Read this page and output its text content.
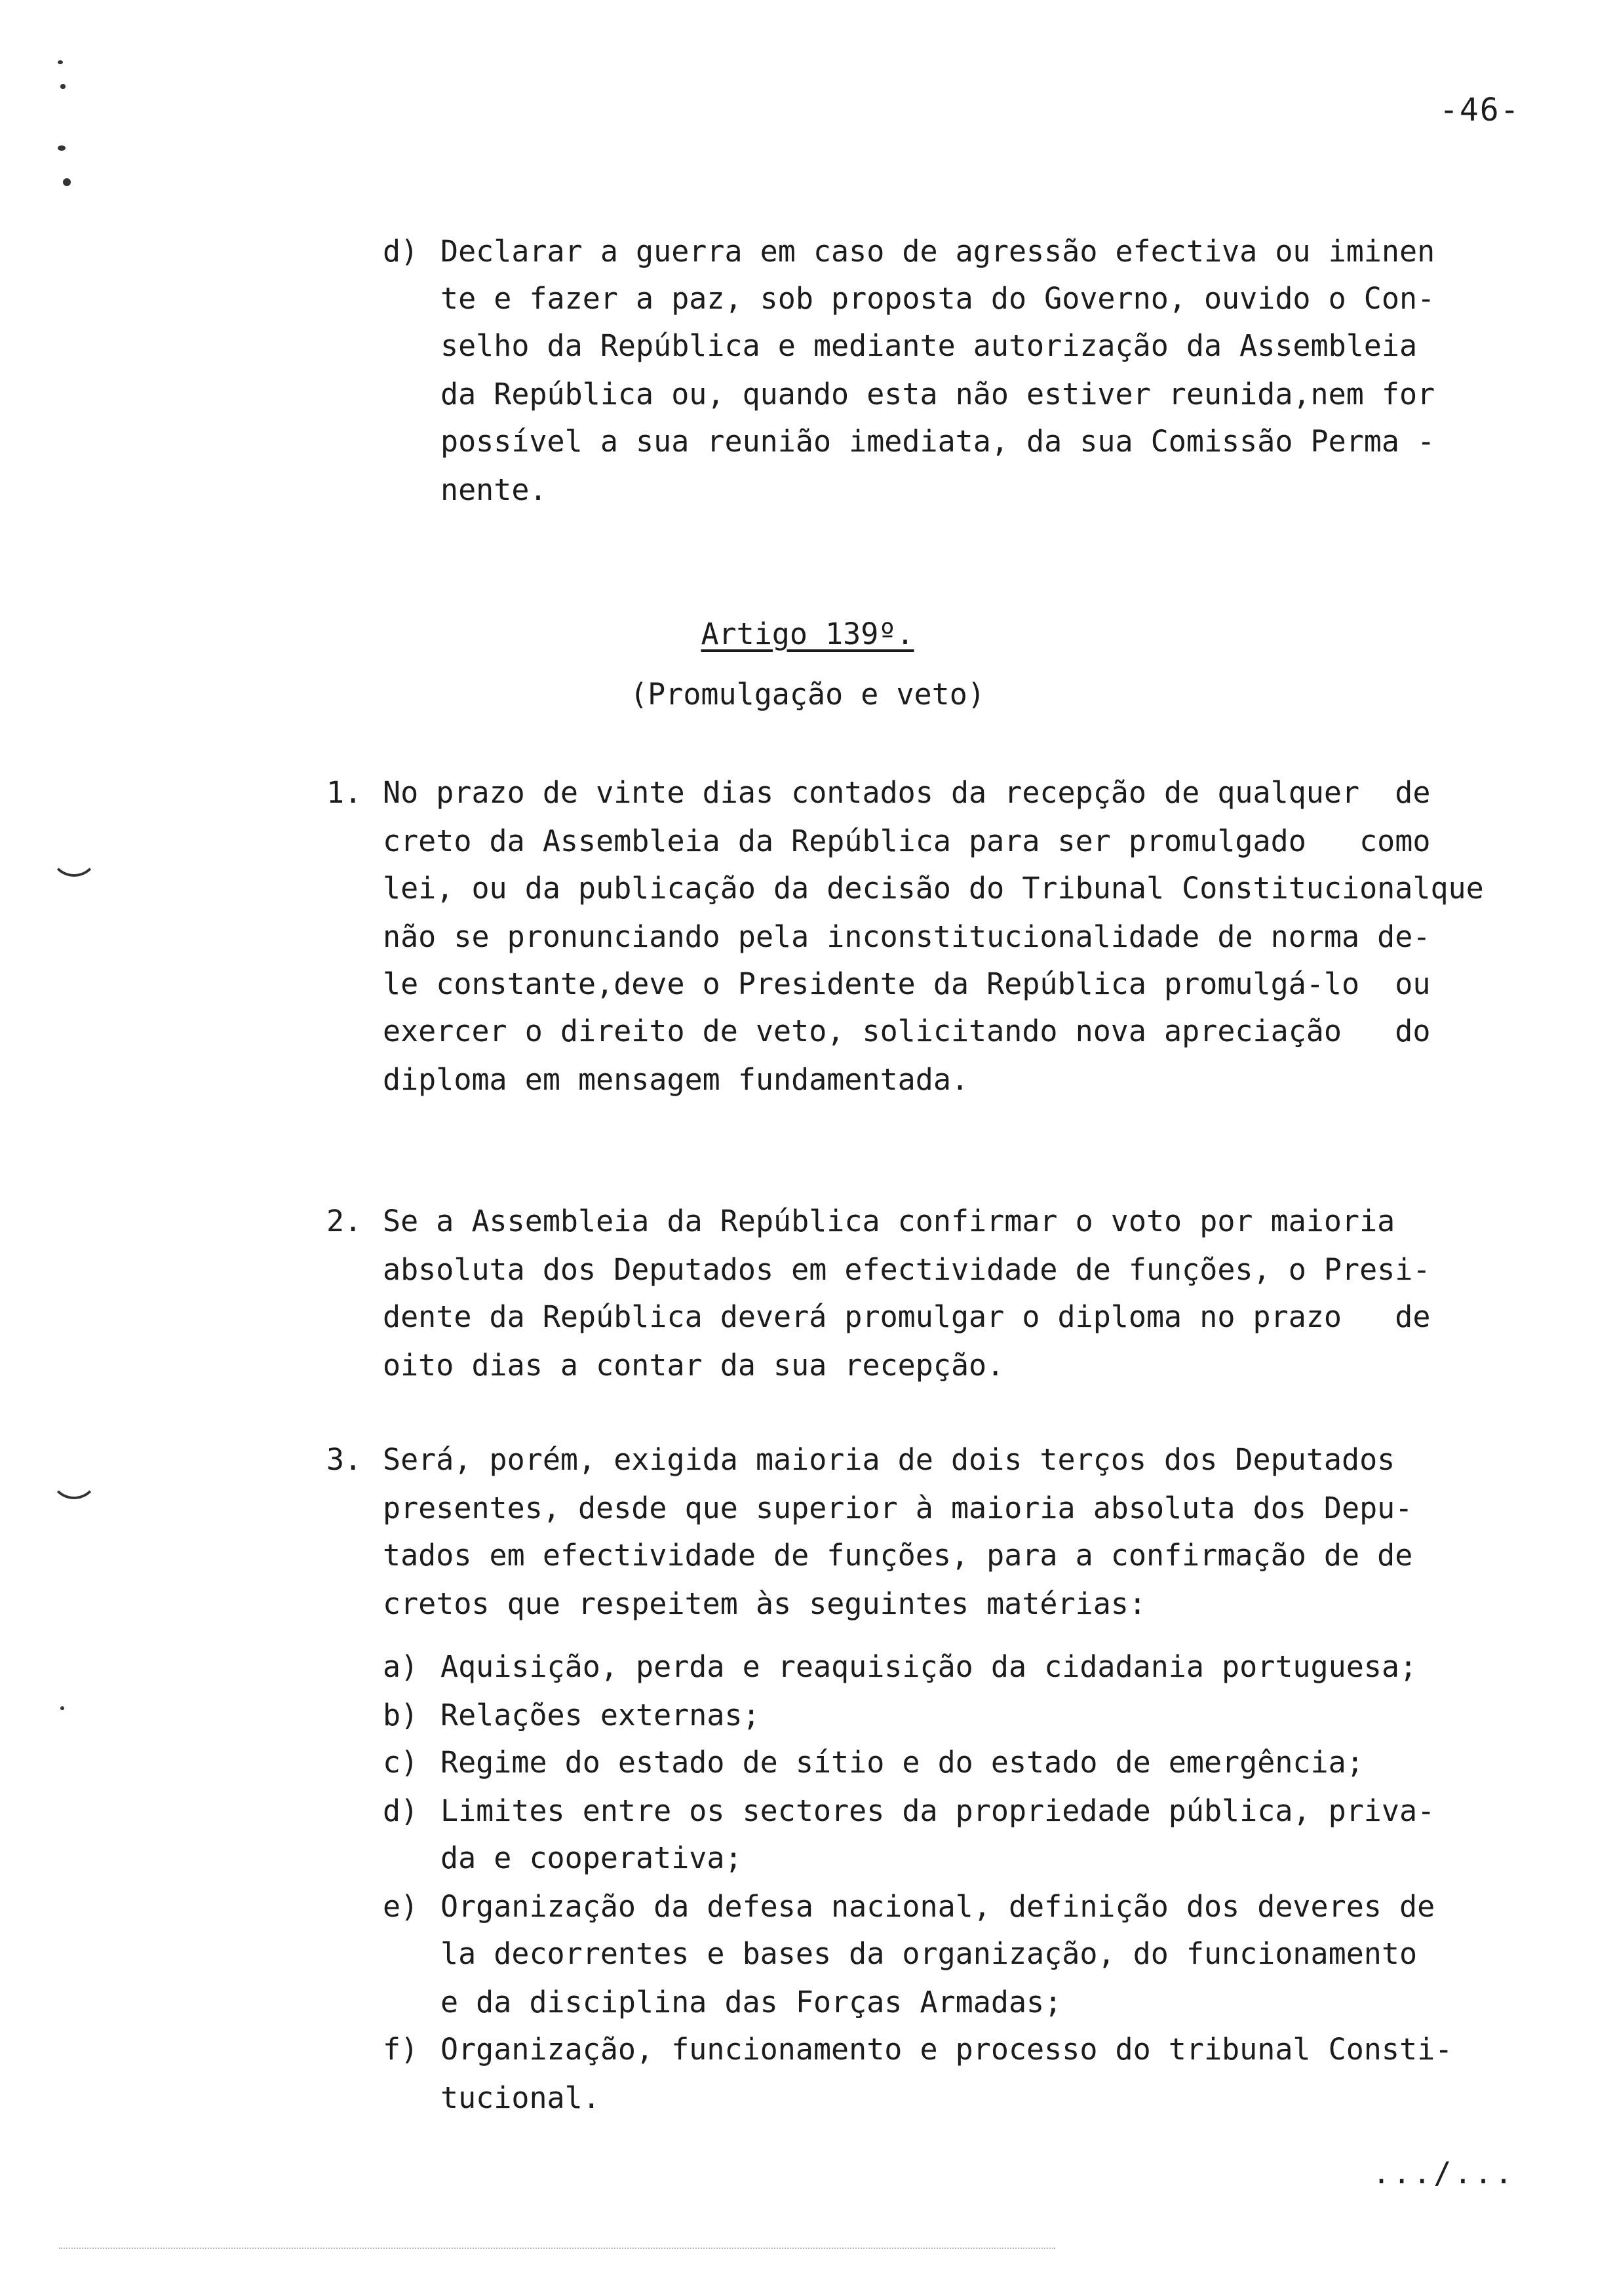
-46-
d) Declarar a guerra em caso de agressão efectiva ou iminen
te e fazer a paz, sob proposta do Governo, ouvido o Con-
selho da República e mediante autorização da Assembleia
da República ou, quando esta não estiver reunida,nem for
possível a sua reunião imediata, da sua Comissão Perma -
nente.
Artigo 139º.
(Promulgação e veto)
1. No prazo de vinte dias contados da recepção de qualquer  de
creto da Assembleia da República para ser promulgado   como
lei, ou da publicação da decisão do Tribunal Constitucionalque
não se pronunciando pela inconstitucionalidade de norma de-
le constante,deve o Presidente da República promulgá-lo  ou
exercer o direito de veto, solicitando nova apreciação   do
diploma em mensagem fundamentada.
2. Se a Assembleia da República confirmar o voto por maioria
absoluta dos Deputados em efectividade de funções, o Presi-
dente da República deverá promulgar o diploma no prazo   de
oito dias a contar da sua recepção.
3. Será, porém, exigida maioria de dois terços dos Deputados
presentes, desde que superior à maioria absoluta dos Depu-
tados em efectividade de funções, para a confirmação de de
cretos que respeitem às seguintes matérias:
a) Aquisição, perda e reaquisição da cidadania portuguesa;
b) Relações externas;
c) Regime do estado de sítio e do estado de emergência;
d) Limites entre os sectores da propriedade pública, priva-
da e cooperativa;
e) Organização da defesa nacional, definição dos deveres de
la decorrentes e bases da organização, do funcionamento
e da disciplina das Forças Armadas;
f) Organização, funcionamento e processo do tribunal Consti-
tucional.
.../...
